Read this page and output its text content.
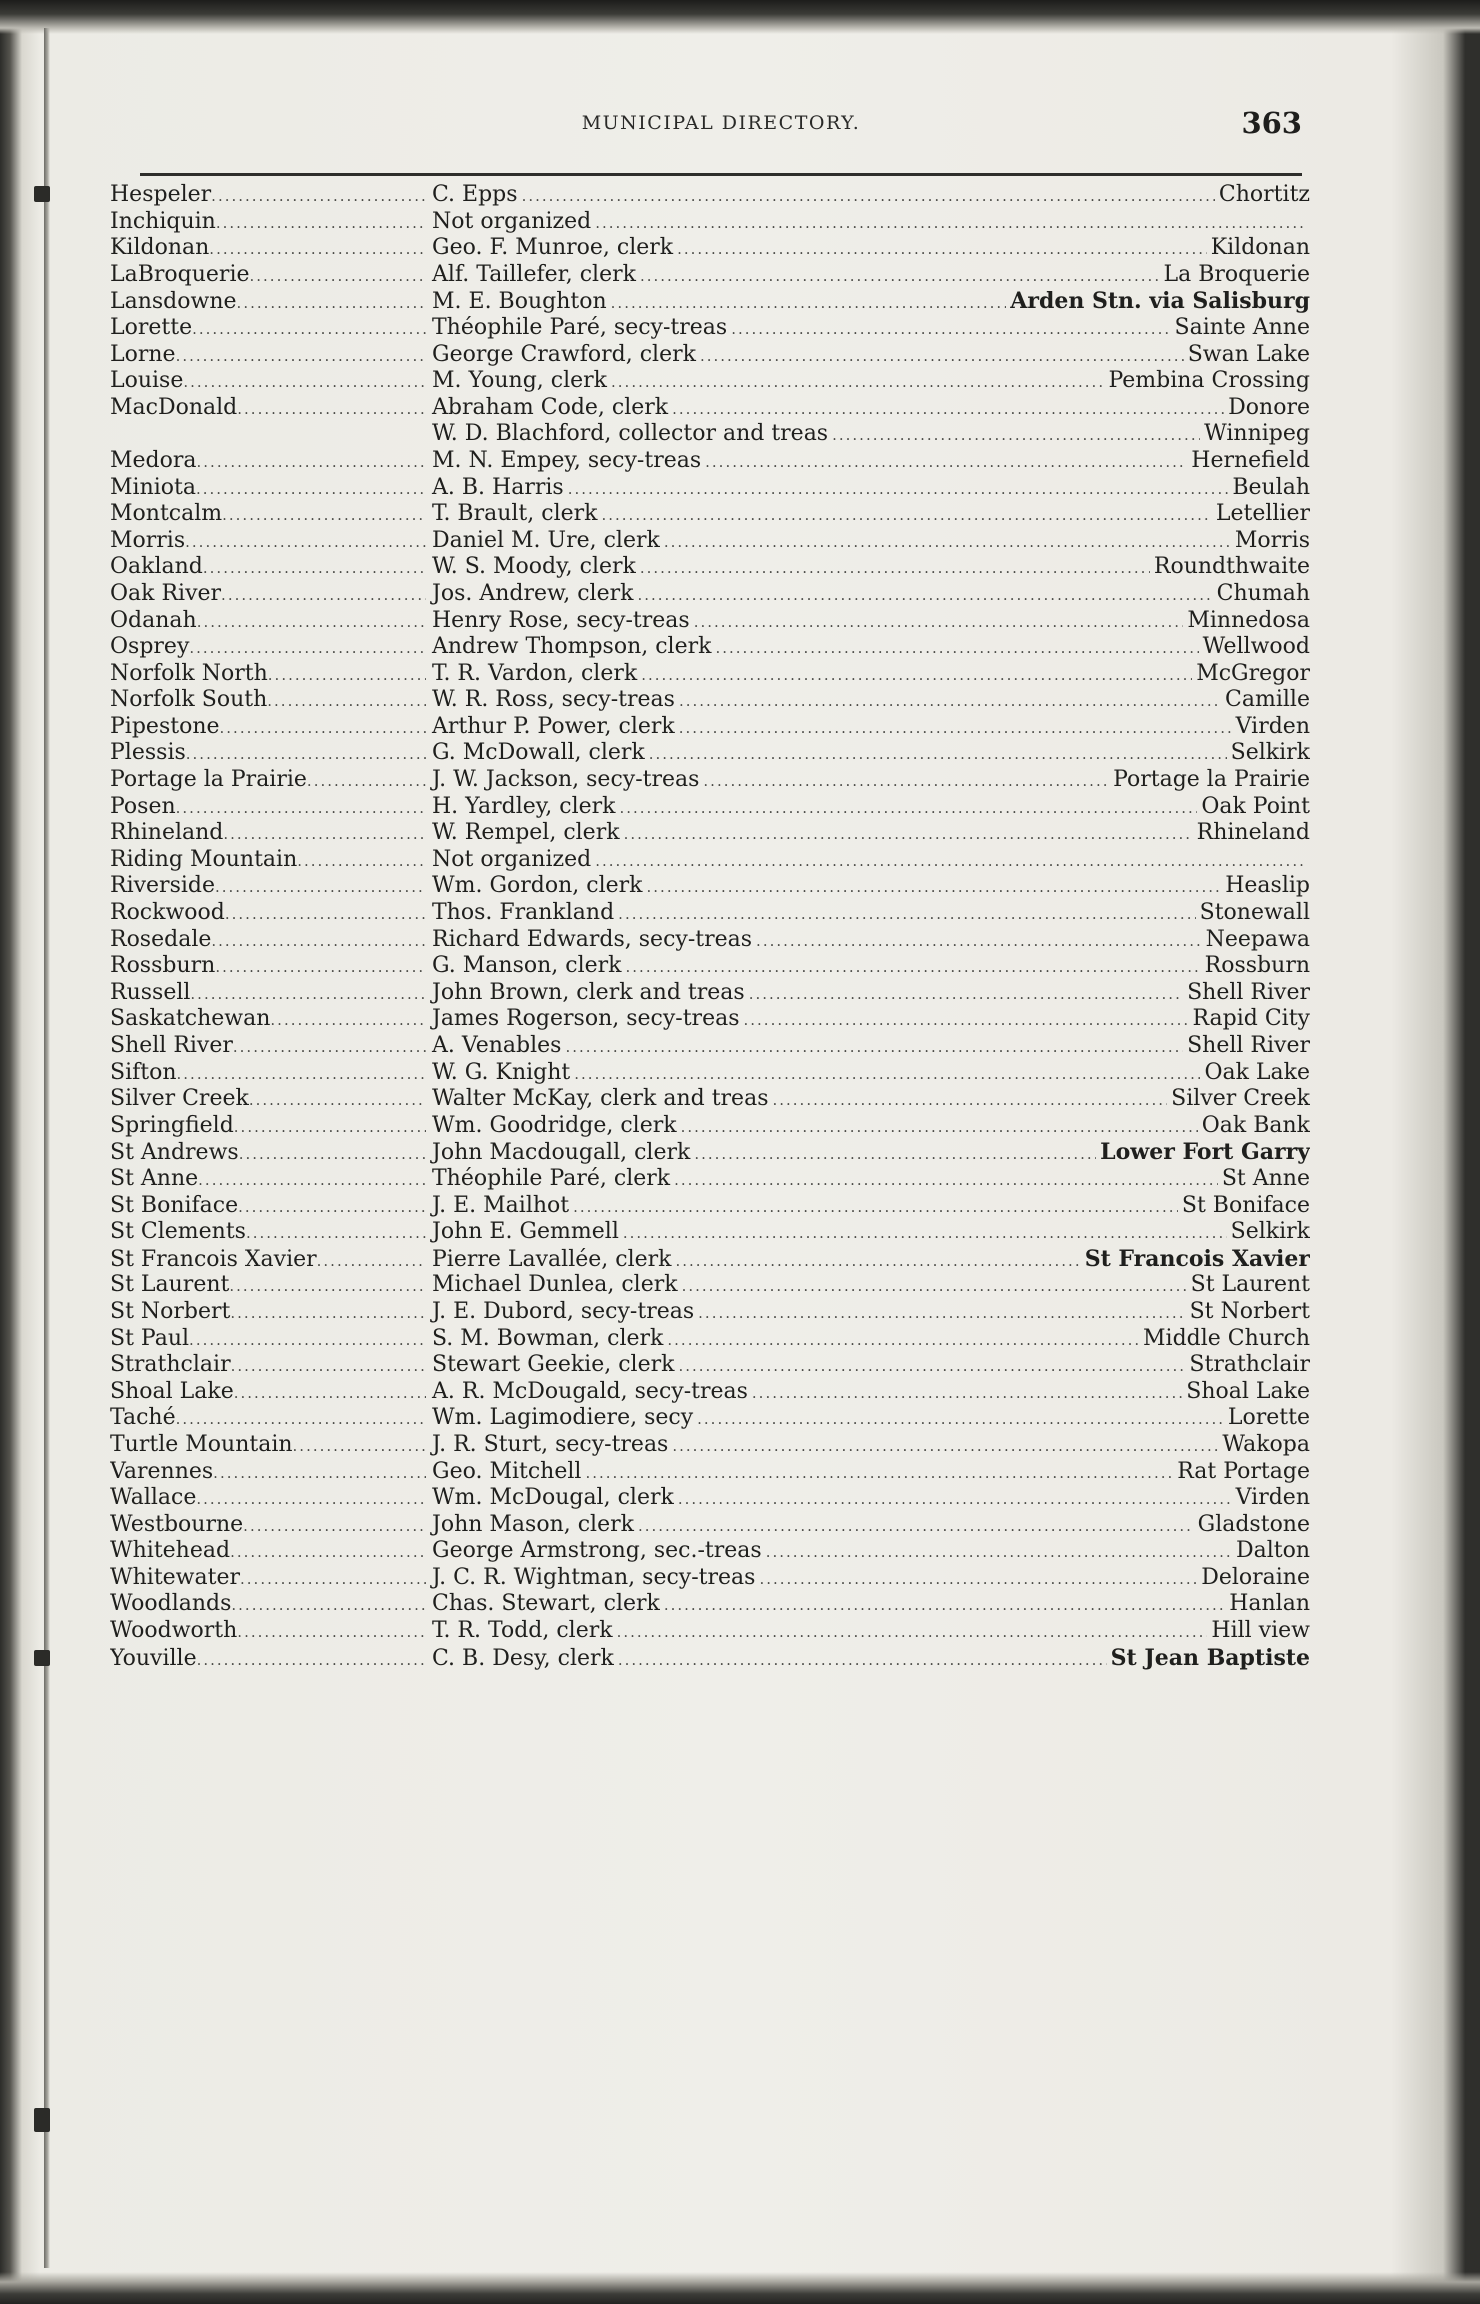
MUNICIPAL DIRECTORY.	363
Hespeler .....	C. Epps .....	Chortitz
Inchiquin .....	Not organized
.....
Kildonan .....	Geo. F. Munroe, clerk .....	Kildonan
LaBroquerie .....	Alf. Taillefer, clerk .....	La Broquerie
Lansdowne .....	M. E. Boughton .....	Arden Stn. via Salisburg
Lorette .....	Théophile Paré, secy-treas .....	Sainte Anne
Lorne .....	George Crawford, clerk .....	Swan Lake
Louise .....	M. Young, clerk .....	Pembina Crossing
MacDonald .....	Abraham Code, clerk .....	Donore
W. D. Blachford, collector and treas .....	Winnipeg
Medora .....	M. N. Empey, secy-treas .....	Hernefield
Miniota .....	A. B. Harris .....	Beulah
Montcalm .....	T. Brault, clerk .....	Letellier
Morris .....	Daniel M. Ure, clerk .....	Morris
Oakland .....	W. S. Moody, clerk .....	Roundthwaite
Oak River .....	Jos. Andrew, clerk .....	Chumah
Odanah .....	Henry Rose, secy-treas .....	Minnedosa
Osprey .....	Andrew Thompson, clerk .....	Wellwood
Norfolk North .....	T. R. Vardon, clerk .....	McGregor
Norfolk South .....	W. R. Ross, secy-treas .....	Camille
Pipestone .....	Arthur P. Power, clerk .....	Virden
Plessis .....	G. McDowall, clerk .....	Selkirk
Portage la Prairie .....	J. W. Jackson, secy-treas .....	Portage la Prairie
Posen .....	H. Yardley, clerk .....	Oak Point
Rhineland .....	W. Rempel, clerk .....	Rhineland
Riding Mountain .....	Not organized
.....
Riverside .....	Wm. Gordon, clerk .....	Heaslip
Rockwood .....	Thos. Frankland .....	Stonewall
Rosedale .....	Richard Edwards, secy-treas .....	Neepawa
Rossburn .....	G. Manson, clerk .....	Rossburn
Russell .....	John Brown, clerk and treas .....	Shell River
Saskatchewan .....	James Rogerson, secy-treas .....	Rapid City
Shell River .....	A. Venables .....	Shell River
Sifton .....	W. G. Knight .....	Oak Lake
Silver Creek .....	Walter McKay, clerk and treas .....	Silver Creek
Springfield .....	Wm. Goodridge, clerk .....	Oak Bank
St Andrews .....	John Macdougall, clerk .....	Lower Fort Garry
St Anne .....	Théophile Paré, clerk .....	St Anne
St Boniface .....	J. E. Mailhot .....	St Boniface
St Clements .....	John E. Gemmell .....	Selkirk
St Francois Xavier .....	Pierre Lavallée, clerk .....	St Francois Xavier
St Laurent .....	Michael Dunlea, clerk .....	St Laurent
St Norbert .....	J. E. Dubord, secy-treas .....	St Norbert
St Paul .....	S. M. Bowman, clerk .....	Middle Church
Strathclair .....	Stewart Geekie, clerk .....	Strathclair
Shoal Lake .....	A. R. McDougald, secy-treas .....	Shoal Lake
Taché .....	Wm. Lagimodiere, secy .....	Lorette
Turtle Mountain .....	J. R. Sturt, secy-treas .....	Wakopa
Varennes .....	Geo. Mitchell .....	Rat Portage
Wallace .....	Wm. McDougal, clerk .....	Virden
Westbourne .....	John Mason, clerk .....	Gladstone
Whitehead .....	George Armstrong, sec.-treas .....	Dalton
Whitewater .....	J. C. R. Wightman, secy-treas .....	Deloraine
Woodlands .....	Chas. Stewart, clerk .....	Hanlan
Woodworth .....	T. R. Todd, clerk .....	Hill view
Youville .....	C. B. Desy, clerk .....	St Jean Baptiste
